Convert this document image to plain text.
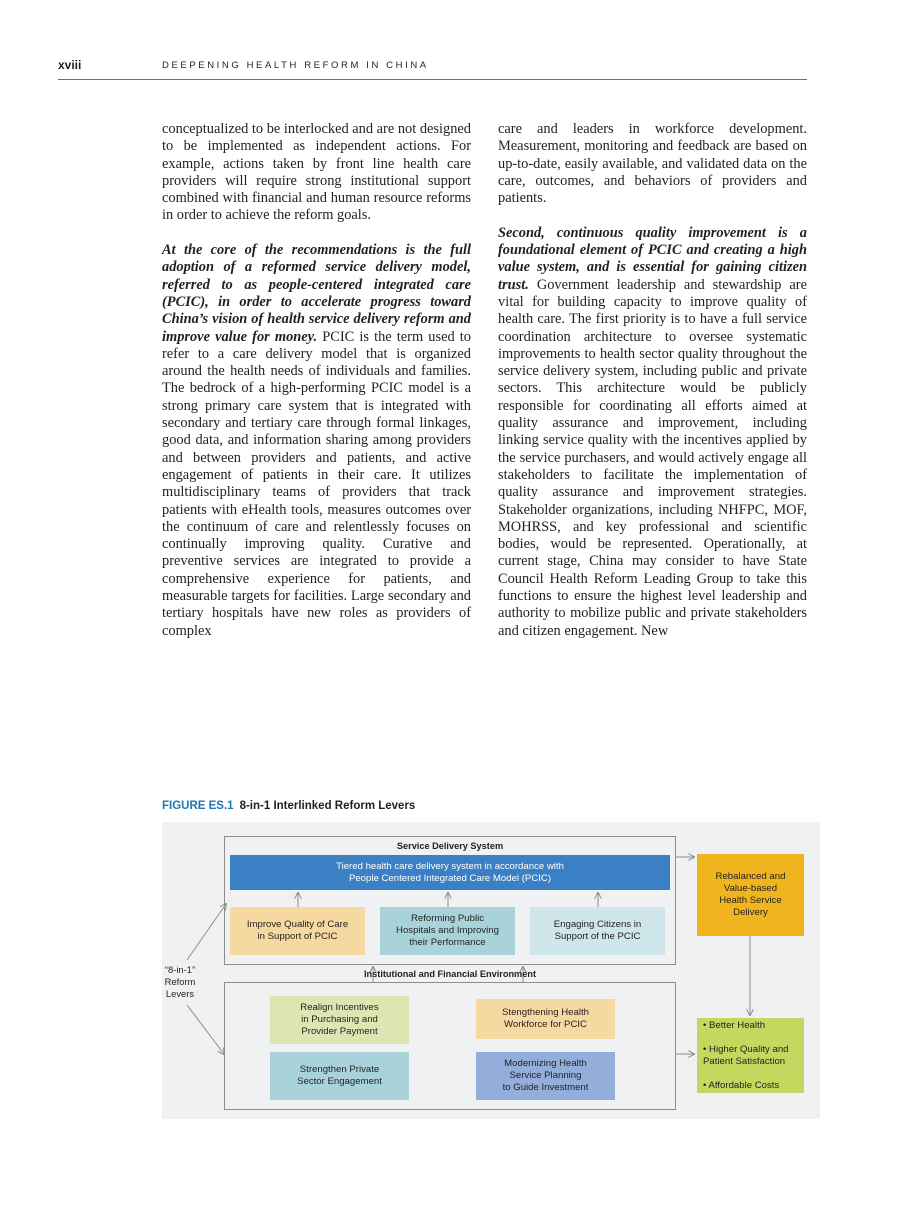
xviii	DEEPENING HEALTH REFORM IN CHINA

conceptualized to be interlocked and are not designed to be implemented as independent actions. For example, actions taken by front line health care providers will require strong institutional support combined with financial and human resource reforms in order to achieve the reform goals.

At the core of the recommendations is the full adoption of a reformed service delivery model, referred to as people-centered integrated care (PCIC), in order to accelerate progress toward China’s vision of health service delivery reform and improve value for money. PCIC is the term used to refer to a care delivery model that is organized around the health needs of individuals and families. The bedrock of a high-performing PCIC model is a strong primary care system that is integrated with secondary and tertiary care through formal linkages, good data, and information sharing among providers and between providers and patients, and active engagement of patients in their care. It utilizes multidisciplinary teams of providers that track patients with eHealth tools, measures outcomes over the continuum of care and relentlessly focuses on continually improving quality. Curative and preventive services are integrated to provide a comprehensive experience for patients, and measurable targets for facilities. Large secondary and tertiary hospitals have new roles as providers of complex

care and leaders in workforce development. Measurement, monitoring and feedback are based on up-to-date, easily available, and validated data on the care, outcomes, and behaviors of providers and patients.

Second, continuous quality improvement is a foundational element of PCIC and creating a high value system, and is essential for gaining citizen trust. Government leadership and stewardship are vital for building capacity to improve quality of health care. The first priority is to have a full service coordination architecture to oversee systematic improvements to health sector quality throughout the service delivery system, including public and private sectors. This architecture would be publicly responsible for coordinating all efforts aimed at quality assurance and improvement, including linking service quality with the incentives applied by the service purchasers, and would actively engage all stakeholders to facilitate the implementation of quality assurance and improvement strategies. Stakeholder organizations, including NHFPC, MOF, MOHRSS, and key professional and scientific bodies, would be represented. Operationally, at current stage, China may consider to have State Council Health Reform Leading Group to take this functions to ensure the highest level leadership and authority to mobilize public and private stakeholders and citizen engagement. New

FIGURE ES.1 8-in-1 Interlinked Reform Levers
Service Delivery System
Tiered health care delivery system in accordance with
People Centered Integrated Care Model (PCIC)
Improve Quality of Care
in Support of PCIC
Reforming Public
Hospitals and Improving
their Performance
Engaging Citizens in
Support of the PCIC
Institutional and Financial Environment
Realign Incentives
in Purchasing and
Provider Payment
Strengthen Private
Sector Engagement
Stengthening Health
Workforce for PCIC
Modernizing Health
Service Planning
to Guide Investment
“8-in-1”
Reform
Levers
Rebalanced and
Value-based
Health Service
Delivery

• Better Health

• Higher Quality and Patient Satisfaction

• Affordable Costs
